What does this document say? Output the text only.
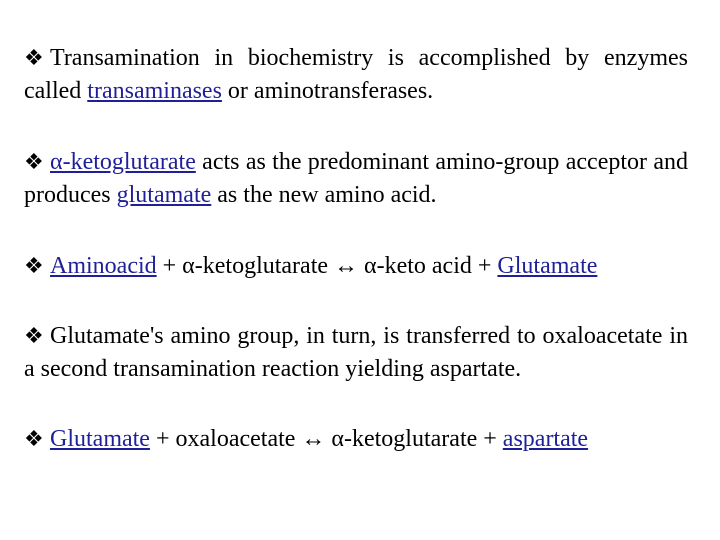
❖ Transamination in biochemistry is accomplished by enzymes called transaminases or aminotransferases.

❖ α-ketoglutarate acts as the predominant amino-group acceptor and produces glutamate as the new amino acid.

❖ Aminoacid + α-ketoglutarate ↔ α-keto acid + Glutamate

❖ Glutamate's amino group, in turn, is transferred to oxaloacetate in a second transamination reaction yielding aspartate.

❖ Glutamate + oxaloacetate ↔ α-ketoglutarate + aspartate
